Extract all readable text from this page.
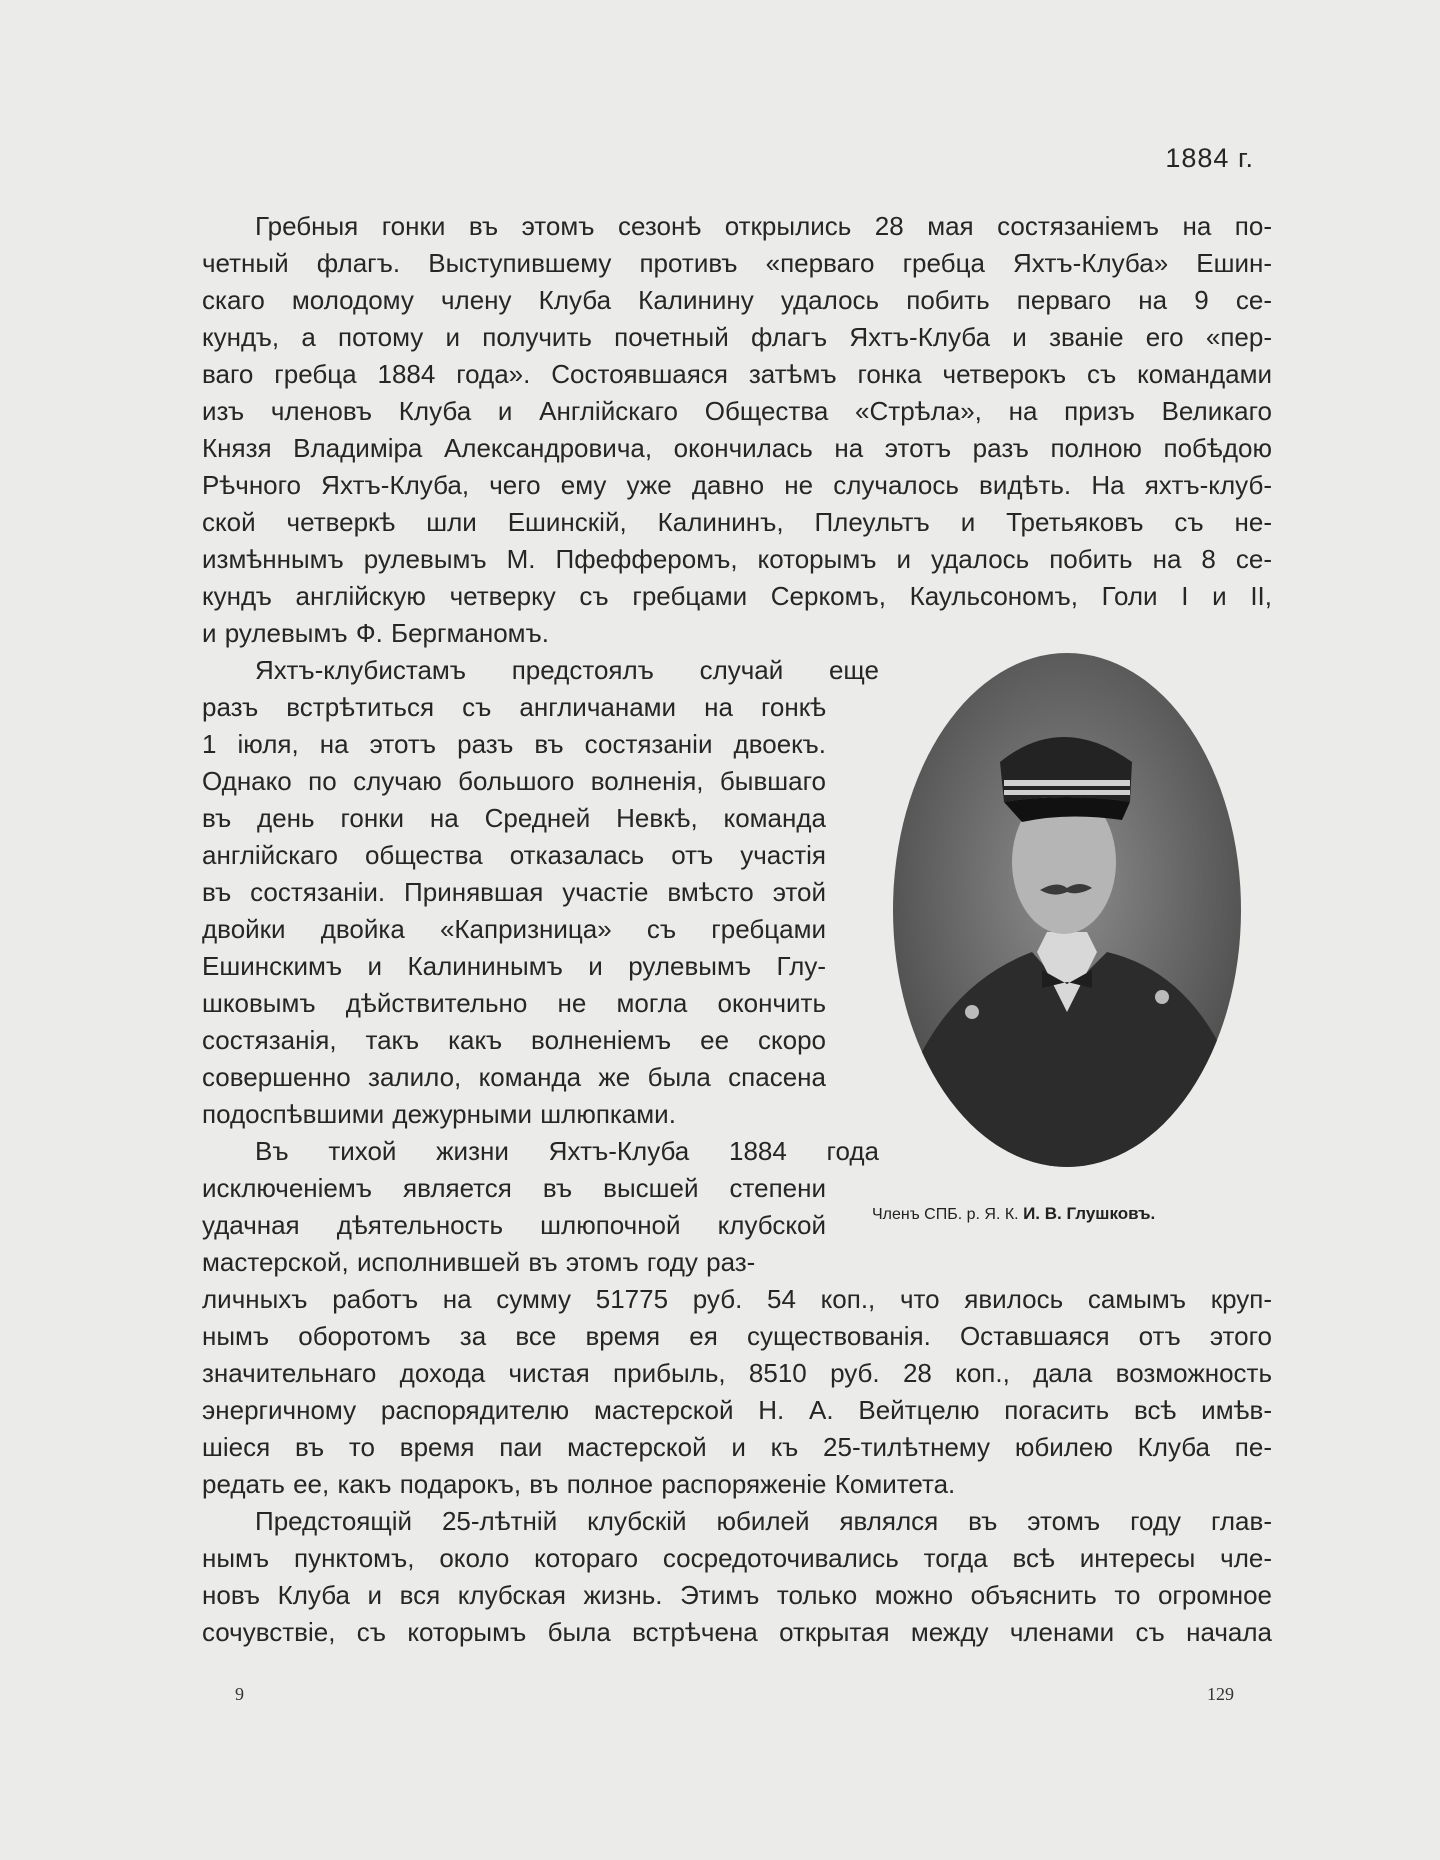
1884 г.
Гребныя гонки въ этомъ сезонѣ открылись 28 мая состязаніемъ на по-
четный флагъ. Выступившему противъ «перваго гребца Яхтъ-Клуба» Ешин-
скаго молодому члену Клуба Калинину удалось побить перваго на 9 се-
кундъ, а потому и получить почетный флагъ Яхтъ-Клуба и званіе его «пер-
ваго гребца 1884 года». Состоявшаяся затѣмъ гонка четверокъ съ командами
изъ членовъ Клуба и Англійскаго Общества «Стрѣла», на призъ Великаго
Князя Владиміра Александровича, окончилась на этотъ разъ полною побѣдою
Рѣчного Яхтъ-Клуба, чего ему уже давно не случалось видѣть. На яхтъ-клуб-
ской четверкѣ шли Ешинскій, Калининъ, Плеультъ и Третьяковъ съ не-
измѣннымъ рулевымъ М. Пфефферомъ, которымъ и удалось побить на 8 се-
кундъ англійскую четверку съ гребцами Серкомъ, Каульсономъ, Голи I и II,
и рулевымъ Ф. Бергманомъ.
Яхтъ-клубистамъ предстоялъ случай еще
разъ встрѣтиться съ англичанами на гонкѣ
1 іюля, на этотъ разъ въ состязаніи двоекъ.
Однако по случаю большого волненія, бывшаго
въ день гонки на Средней Невкѣ, команда
англійскаго общества отказалась отъ участія
въ состязаніи. Принявшая участіе вмѣсто этой
двойки двойка «Капризница» съ гребцами
Ешинскимъ и Калининымъ и рулевымъ Глу-
шковымъ дѣйствительно не могла окончить
состязанія, такъ какъ волненіемъ ее скоро
совершенно залило, команда же была спасена
подоспѣвшими дежурными шлюпками.
Въ тихой жизни Яхтъ-Клуба 1884 года
исключеніемъ является въ высшей степени
удачная дѣятельность шлюпочной клубской
мастерской, исполнившей въ этомъ году раз-
личныхъ работъ на сумму 51775 руб. 54 коп., что явилось самымъ круп-
нымъ оборотомъ за все время ея существованія. Оставшаяся отъ этого
значительнаго дохода чистая прибыль, 8510 руб. 28 коп., дала возможность
энергичному распорядителю мастерской Н. А. Вейтцелю погасить всѣ имѣв-
шіеся въ то время паи мастерской и къ 25-тилѣтнему юбилею Клуба пе-
редать ее, какъ подарокъ, въ полное распоряженіе Комитета.
Предстоящій 25-лѣтній клубскій юбилей являлся въ этомъ году глав-
нымъ пунктомъ, около котораго сосредоточивались тогда всѣ интересы чле-
новъ Клуба и вся клубская жизнь. Этимъ только можно объяснить то огромное
сочувствіе, съ которымъ была встрѣчена открытая между членами съ начала
Членъ СПБ. р. Я. К. И. В. Глушковъ.
9	129
